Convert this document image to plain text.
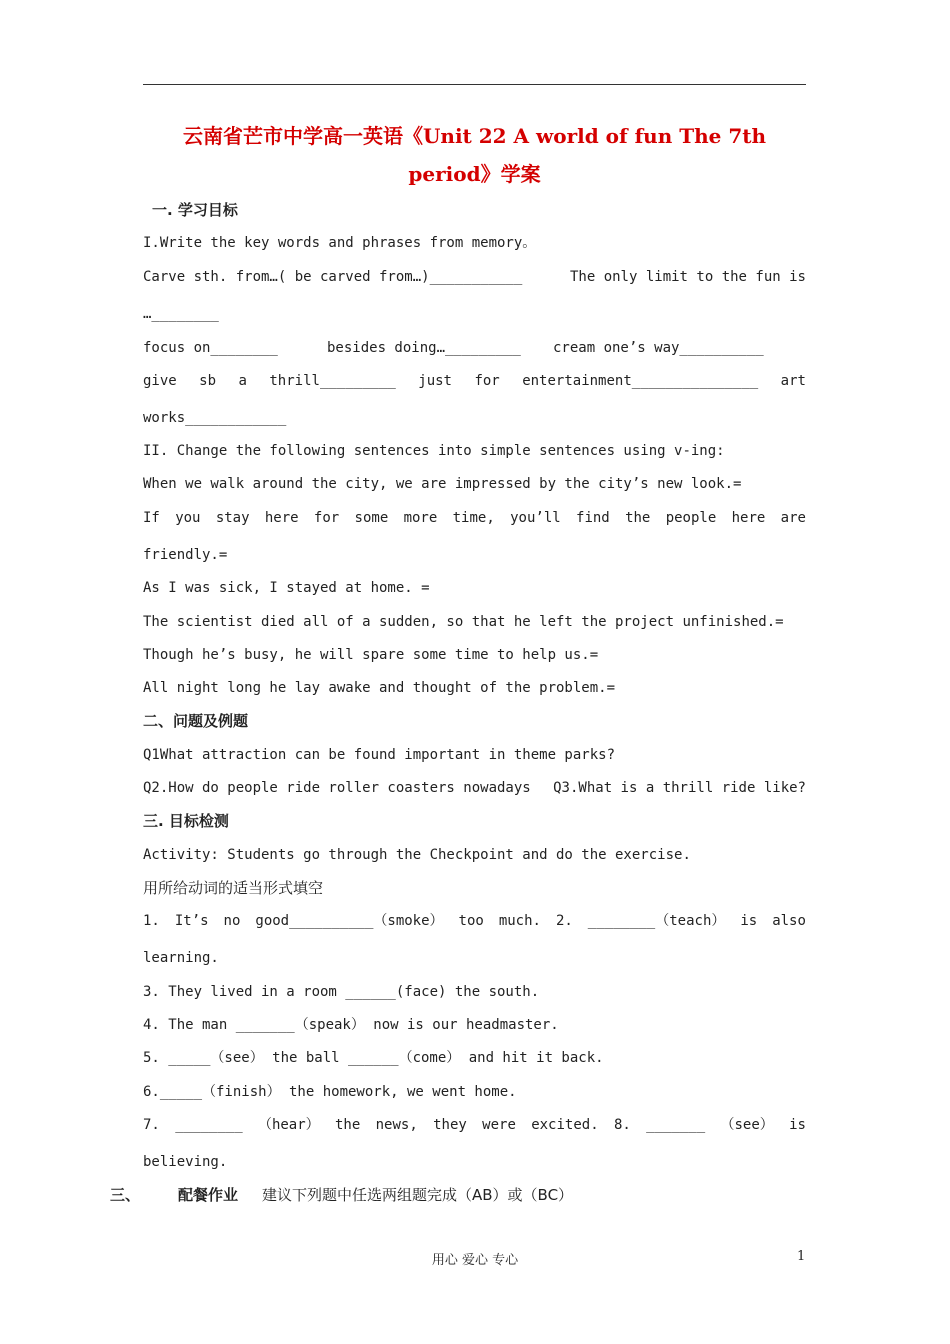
云南省芒市中学高一英语《Unit 22 A world of fun The 7th
period》学案
一. 学习目标
I.Write the key words and phrases from memory。
Carve sth. from…( be carved from…)___________	The only limit to the fun is
…________
focus on________	besides doing…_________ cream one’s way__________
give sb a thrill_________ just for entertainment_______________ art
works____________
II. Change the following sentences into simple sentences using v-ing:
When we walk around the city, we are impressed by the city’s new look.=
If you stay here for some more time, you’ll find the people here are
friendly.=
As I was sick, I stayed at home. =
The scientist died all of a sudden, so that he left the project unfinished.=
Though he’s busy, he will spare some time to help us.=
All night long he lay awake and thought of the problem.=
二、问题及例题
Q1What attraction can be found important in theme parks?
Q2.How do people ride roller coasters nowadays Q3.What is a thrill ride like?
三. 目标检测
Activity: Students go through the Checkpoint and do the exercise.
用所给动词的适当形式填空
1. It’s no good__________（smoke） too much. 2. ________（teach） is also
learning.
3. They lived in a room ______(face) the south.
4. The man _______（speak） now is our headmaster.
5. _____（see） the ball ______（come） and hit it back.
6._____（finish） the homework, we went home.
7. ________ （hear） the news, they were excited. 8. _______ （see） is
believing.
三、	配餐作业 建议下列题中任选两组题完成（AB）或（BC）
用心 爱心 专心	1
